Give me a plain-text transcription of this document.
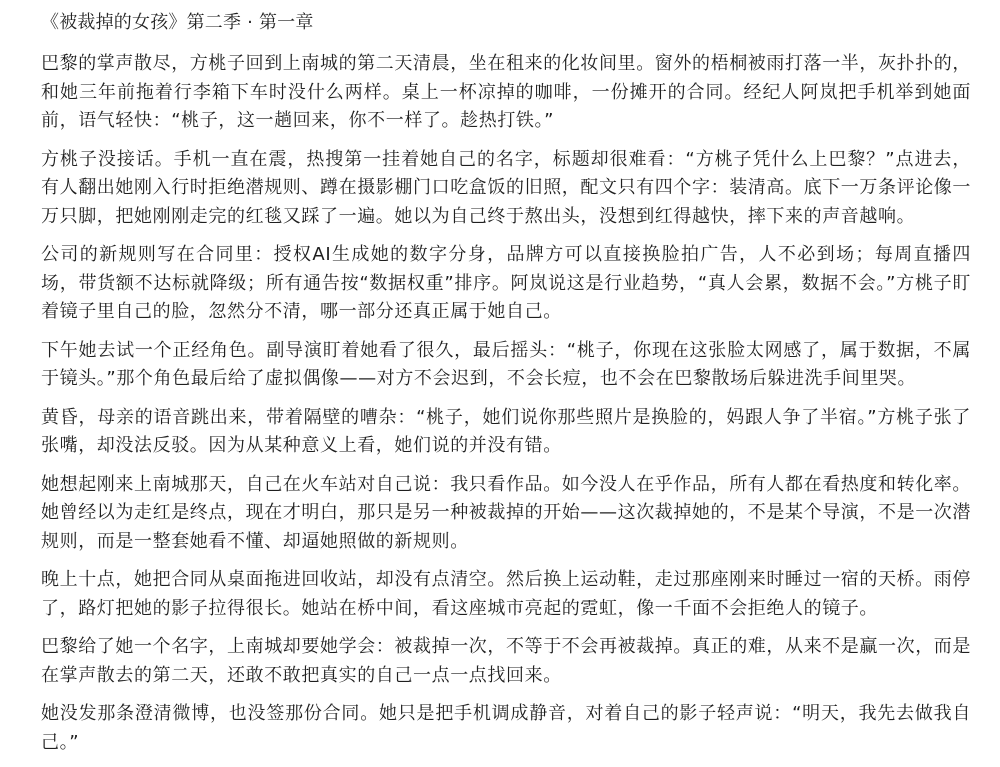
《被裁掉的女孩》第二季 · 第一章

巴黎的掌声散尽，方桃子回到上南城的第二天清晨，坐在租来的化妆间里。窗外的梧桐被雨打落一半，灰扑扑的，和她三年前拖着行李箱下车时没什么两样。桌上一杯凉掉的咖啡，一份摊开的合同。经纪人阿岚把手机举到她面前，语气轻快：“桃子，这一趟回来，你不一样了。趁热打铁。”

方桃子没接话。手机一直在震，热搜第一挂着她自己的名字，标题却很难看：“方桃子凭什么上巴黎？”点进去，有人翻出她刚入行时拒绝潜规则、蹲在摄影棚门口吃盒饭的旧照，配文只有四个字：装清高。底下一万条评论像一万只脚，把她刚刚走完的红毯又踩了一遍。她以为自己终于熬出头，没想到红得越快，摔下来的声音越响。

公司的新规则写在合同里：授权AI生成她的数字分身，品牌方可以直接换脸拍广告，人不必到场；每周直播四场，带货额不达标就降级；所有通告按“数据权重”排序。阿岚说这是行业趋势，“真人会累，数据不会。”方桃子盯着镜子里自己的脸，忽然分不清，哪一部分还真正属于她自己。

下午她去试一个正经角色。副导演盯着她看了很久，最后摇头：“桃子，你现在这张脸太网感了，属于数据，不属于镜头。”那个角色最后给了虚拟偶像——对方不会迟到，不会长痘，也不会在巴黎散场后躲进洗手间里哭。

黄昏，母亲的语音跳出来，带着隔壁的嘈杂：“桃子，她们说你那些照片是换脸的，妈跟人争了半宿。”方桃子张了张嘴，却没法反驳。因为从某种意义上看，她们说的并没有错。

她想起刚来上南城那天，自己在火车站对自己说：我只看作品。如今没人在乎作品，所有人都在看热度和转化率。她曾经以为走红是终点，现在才明白，那只是另一种被裁掉的开始——这次裁掉她的，不是某个导演，不是一次潜规则，而是一整套她看不懂、却逼她照做的新规则。

晚上十点，她把合同从桌面拖进回收站，却没有点清空。然后换上运动鞋，走过那座刚来时睡过一宿的天桥。雨停了，路灯把她的影子拉得很长。她站在桥中间，看这座城市亮起的霓虹，像一千面不会拒绝人的镜子。

巴黎给了她一个名字，上南城却要她学会：被裁掉一次，不等于不会再被裁掉。真正的难，从来不是赢一次，而是在掌声散去的第二天，还敢不敢把真实的自己一点一点找回来。

她没发那条澄清微博，也没签那份合同。她只是把手机调成静音，对着自己的影子轻声说：“明天，我先去做我自己。”
